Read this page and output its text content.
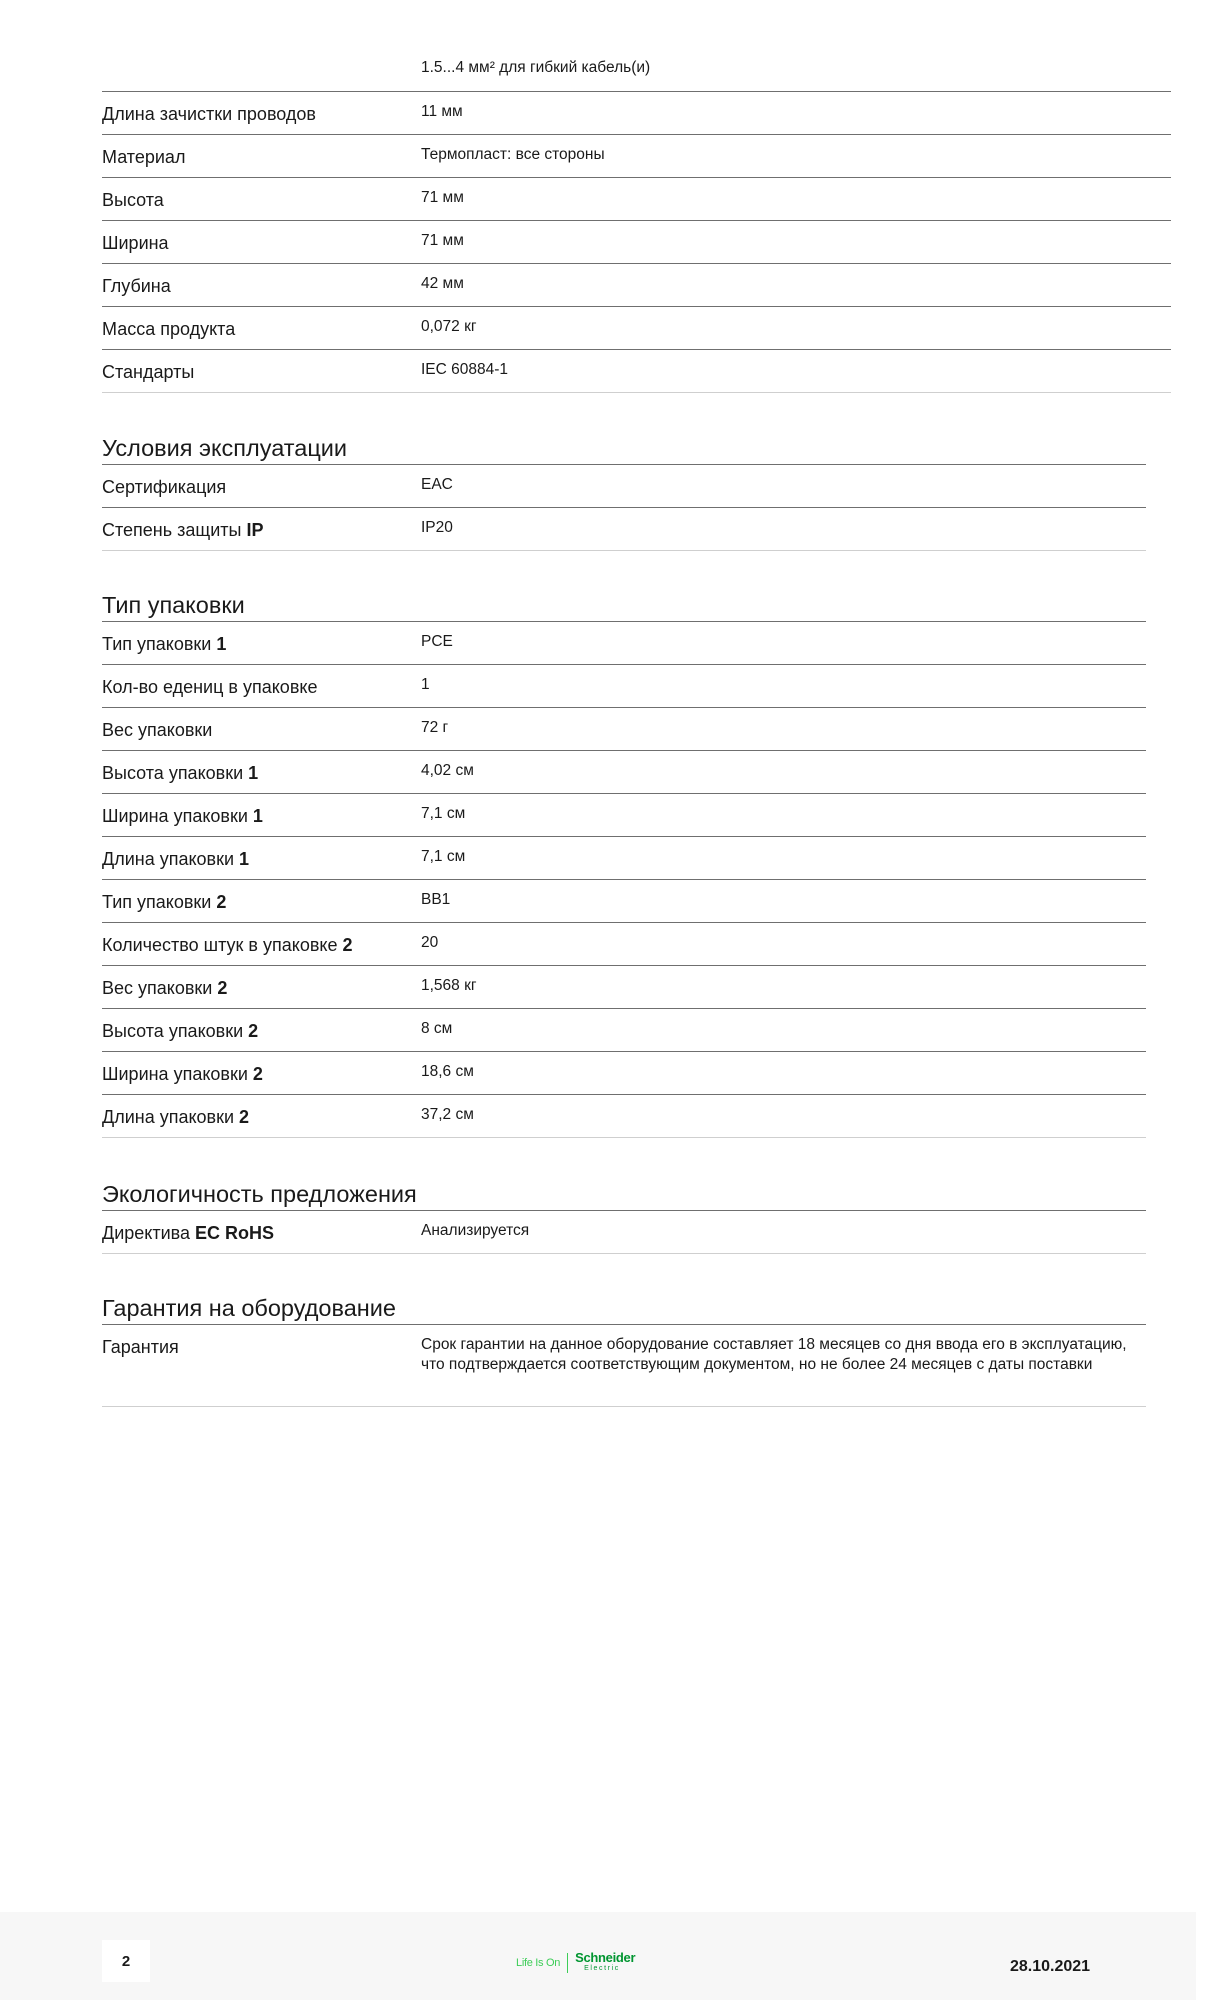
1.5...4 мм² для гибкий кабель(и)
Длина зачистки проводов	11 мм
Материал	Термопласт: все стороны
Высота	71 мм
Ширина	71 мм
Глубина	42 мм
Масса продукта	0,072 кг
Стандарты	IEC 60884-1
Условия эксплуатации
Сертификация	EAC
Степень защиты IP	IP20
Тип упаковки
Тип упаковки 1	PCE
Кол-во едениц в упаковке	1
Вес упаковки	72 г
Высота упаковки 1	4,02 см
Ширина упаковки 1	7,1 см
Длина упаковки 1	7,1 см
Тип упаковки 2	BB1
Количество штук в упаковке 2	20
Вес упаковки 2	1,568 кг
Высота упаковки 2	8 см
Ширина упаковки 2	18,6 см
Длина упаковки 2	37,2 см
Экологичность предложения
Директива EC RoHS	Анализируется
Гарантия на оборудование
Гарантия	Срок гарантии на данное оборудование составляет 18 месяцев со дня ввода его в эксплуатацию, что подтверждается соответствующим документом, но не более 24 месяцев с даты поставки
2	Life Is On Schneider
Electric	28.10.2021
